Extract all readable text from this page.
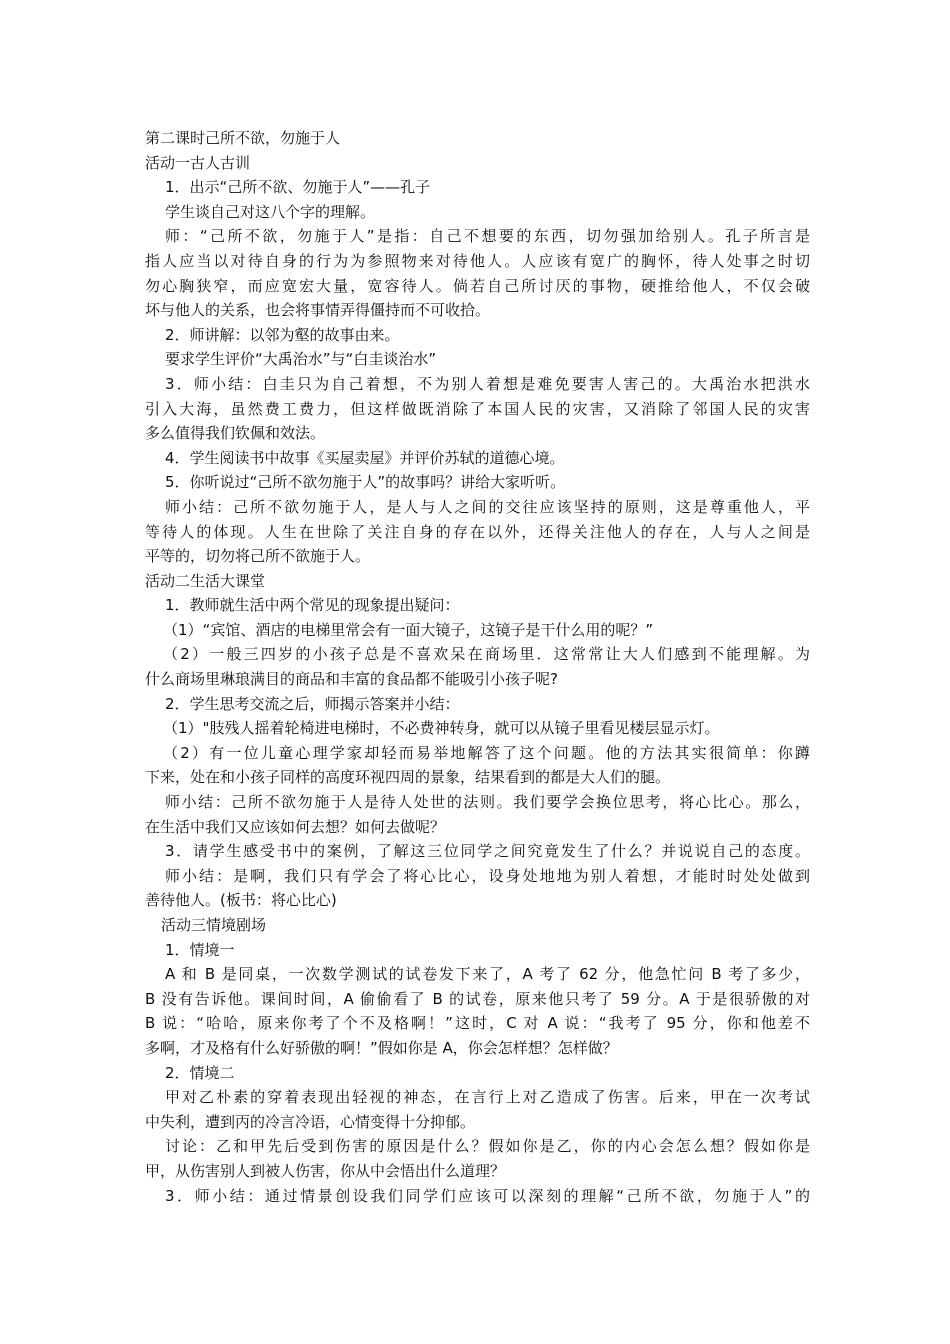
第二课时己所不欲，勿施于人
活动一古人古训
1．出示“己所不欲、勿施于人”——孔子
学生谈自己对这八个字的理解。
师：“己所不欲，勿施于人”是指：自己不想要的东西，切勿强加给别人。孔子所言是
指人应当以对待自身的行为为参照物来对待他人。人应该有宽广的胸怀，待人处事之时切
勿心胸狭窄，而应宽宏大量，宽容待人。倘若自己所讨厌的事物，硬推给他人，不仅会破
坏与他人的关系，也会将事情弄得僵持而不可收拾。
2．师讲解：以邻为壑的故事由来。
要求学生评价“大禹治水”与“白圭谈治水”
3．师小结：白圭只为自己着想，不为别人着想是难免要害人害己的。大禹治水把洪水
引入大海，虽然费工费力，但这样做既消除了本国人民的灾害，又消除了邻国人民的灾害
多么值得我们钦佩和效法。
4．学生阅读书中故事《买屋卖屋》并评价苏轼的道德心境。
5．你听说过“己所不欲勿施于人”的故事吗？讲给大家听听。
师小结：己所不欲勿施于人，是人与人之间的交往应该坚持的原则，这是尊重他人，平
等待人的体现。人生在世除了关注自身的存在以外，还得关注他人的存在，人与人之间是
平等的，切勿将己所不欲施于人。
活动二生活大课堂
1．教师就生活中两个常见的现象提出疑问：
（1）“宾馆、酒店的电梯里常会有一面大镜子，这镜子是干什么用的呢？”
（2）一般三四岁的小孩子总是不喜欢呆在商场里．这常常让大人们感到不能理解。为
什么商场里琳琅满目的商品和丰富的食品都不能吸引小孩子呢?
2．学生思考交流之后，师揭示答案并小结：
（1）"肢残人摇着轮椅进电梯时，不必费神转身，就可以从镜子里看见楼层显示灯。
（2）有一位儿童心理学家却轻而易举地解答了这个问题。他的方法其实很简单：你蹲
下来，处在和小孩子同样的高度环视四周的景象，结果看到的都是大人们的腿。
师小结：己所不欲勿施于人是待人处世的法则。我们要学会换位思考，将心比心。那么，
在生活中我们又应该如何去想？如何去做呢？
3．请学生感受书中的案例，了解这三位同学之间究竟发生了什么？并说说自己的态度。
师小结：是啊，我们只有学会了将心比心，设身处地地为别人着想，才能时时处处做到
善待他人。(板书：将心比心)
活动三情境剧场
1．情境一
A 和 B 是同桌，一次数学测试的试卷发下来了，A 考了 62 分，他急忙问 B 考了多少，
B 没有告诉他。课间时间，A 偷偷看了 B 的试卷，原来他只考了 59 分。A 于是很骄傲的对
B 说：“哈哈，原来你考了个不及格啊！”这时，C 对 A 说：“我考了 95 分，你和他差不
多啊，才及格有什么好骄傲的啊！”假如你是 A，你会怎样想？怎样做？
2．情境二
甲对乙朴素的穿着表现出轻视的神态，在言行上对乙造成了伤害。后来，甲在一次考试
中失利，遭到丙的冷言冷语，心情变得十分抑郁。
讨论：乙和甲先后受到伤害的原因是什么？假如你是乙，你的内心会怎么想？假如你是
甲，从伤害别人到被人伤害，你从中会悟出什么道理？
3．师小结：通过情景创设我们同学们应该可以深刻的理解“己所不欲，勿施于人”的
